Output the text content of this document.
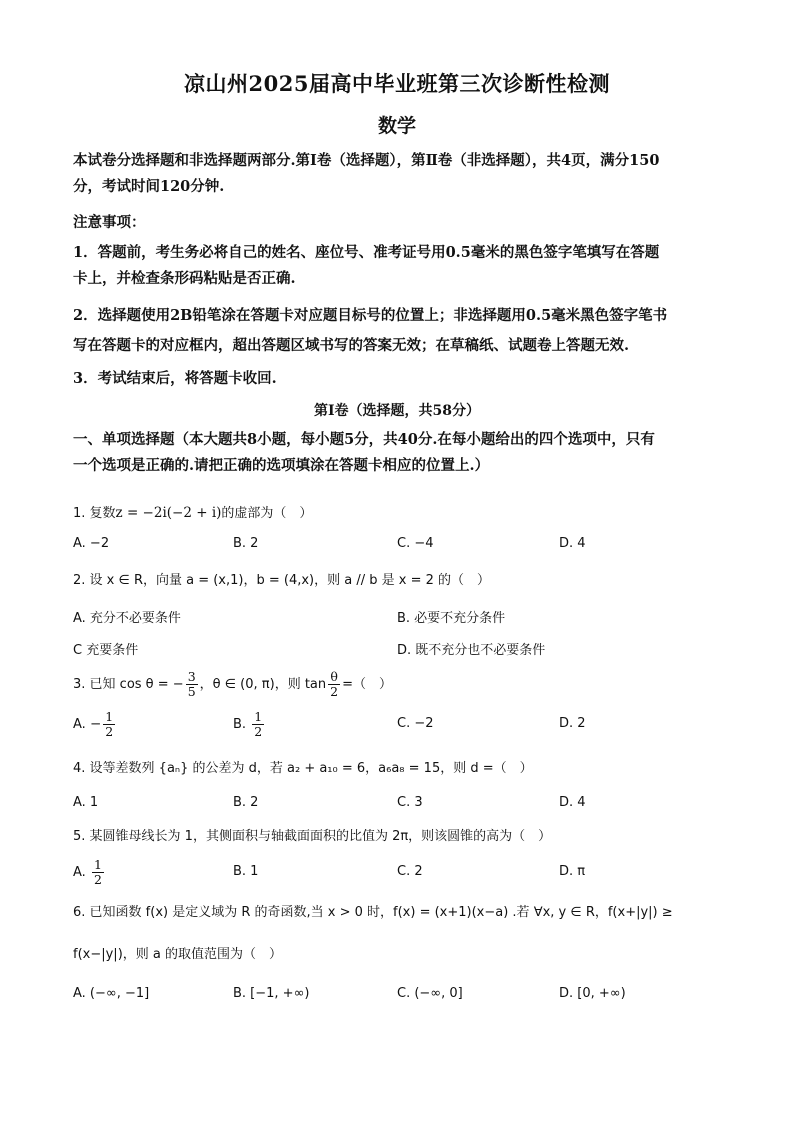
凉山州2025届高中毕业班第三次诊断性检测
数学
本试卷分选择题和非选择题两部分.第Ⅰ卷（选择题），第Ⅱ卷（非选择题），共4页，满分150
分，考试时间120分钟.
注意事项：
1．答题前，考生务必将自己的姓名、座位号、准考证号用0.5毫米的黑色签字笔填写在答题
卡上，并检查条形码粘贴是否正确.
2．选择题使用2B铅笔涂在答题卡对应题目标号的位置上；非选择题用0.5毫米黑色签字笔书
写在答题卡的对应框内，超出答题区域书写的答案无效；在草稿纸、试题卷上答题无效.
3．考试结束后，将答题卡收回.
第Ⅰ卷（选择题，共58分）
一、单项选择题（本大题共8小题，每小题5分，共40分.在每小题给出的四个选项中，只有
一个选项是正确的.请把正确的选项填涂在答题卡相应的位置上.）
1. 复数z = −2i(−2 + i)的虚部为（　）
A. −2	B. 2	C. −4	D. 4
2. 设 x ∈ R，向量 a = (x,1)，b = (4,x)，则 a // b 是 x = 2 的（　）
A. 充分不必要条件	B. 必要不充分条件
C 充要条件	D. 既不充分也不必要条件
3. 已知 cos θ = − $\frac{3}{5}$ ，θ ∈ (0, π)，则 $\tan \frac{\theta}{2}$ =（　）
A. − $\frac{1}{2}$	B. $\frac{1}{2}$	C. −2	D. 2
4. 设等差数列 {aₙ} 的公差为 d，若 a₂ + a₁₀ = 6，a₆a₈ = 15，则 d =（　）
A. 1	B. 2	C. 3	D. 4
5. 某圆锥母线长为 1，其侧面积与轴截面面积的比值为 2π，则该圆锥的高为（　）
A. $\frac{1}{2}$	B. 1	C. 2	D. π
6. 已知函数 f(x) 是定义域为 R 的奇函数,当 x > 0 时，f(x) = (x+1)(x−a) .若 ∀x, y ∈ R，f(x+|y|) ≥
f(x−|y|)，则 a 的取值范围为（　）
A. (−∞, −1]	B. [−1, +∞)	C. (−∞, 0]	D. [0, +∞)
